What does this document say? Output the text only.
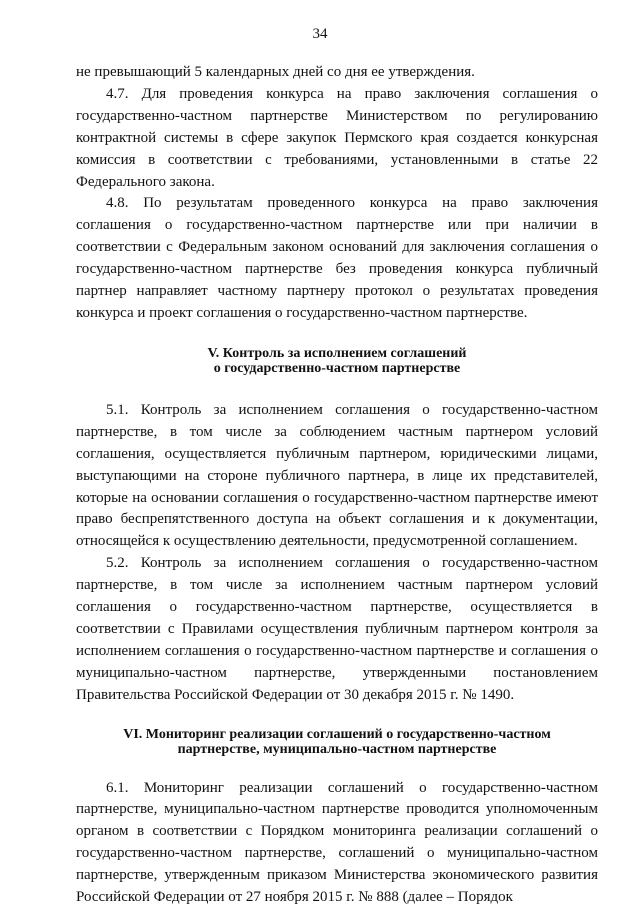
34

не превышающий 5 календарных дней со дня ее утверждения.

4.7. Для проведения конкурса на право заключения соглашения о государственно-частном партнерстве Министерством по регулированию контрактной системы в сфере закупок Пермского края создается конкурсная комиссия в соответствии с требованиями, установленными в статье 22 Федерального закона.

4.8. По результатам проведенного конкурса на право заключения соглашения о государственно-частном партнерстве или при наличии в соответствии с Федеральным законом оснований для заключения соглашения о государственно-частном партнерстве без проведения конкурса публичный партнер направляет частному партнеру протокол о результатах проведения конкурса и проект соглашения о государственно-частном партнерстве.

V. Контроль за исполнением соглашений
о государственно-частном партнерстве

5.1. Контроль за исполнением соглашения о государственно-частном партнерстве, в том числе за соблюдением частным партнером условий соглашения, осуществляется публичным партнером, юридическими лицами, выступающими на стороне публичного партнера, в лице их представителей, которые на основании соглашения о государственно-частном партнерстве имеют право беспрепятственного доступа на объект соглашения и к документации, относящейся к осуществлению деятельности, предусмотренной соглашением.

5.2. Контроль за исполнением соглашения о государственно-частном партнерстве, в том числе за исполнением частным партнером условий соглашения о государственно-частном партнерстве, осуществляется в соответствии с Правилами осуществления публичным партнером контроля за исполнением соглашения о государственно-частном партнерстве и соглашения о муниципально-частном партнерстве, утвержденными постановлением Правительства Российской Федерации от 30 декабря 2015 г. № 1490.

VI. Мониторинг реализации соглашений о государственно-частном
партнерстве, муниципально-частном партнерстве

6.1. Мониторинг реализации соглашений о государственно-частном партнерстве, муниципально-частном партнерстве проводится уполномоченным органом в соответствии с Порядком мониторинга реализации соглашений о государственно-частном партнерстве, соглашений о муниципально-частном партнерстве, утвержденным приказом Министерства экономического развития Российской Федерации от 27 ноября 2015 г. № 888 (далее – Порядок
